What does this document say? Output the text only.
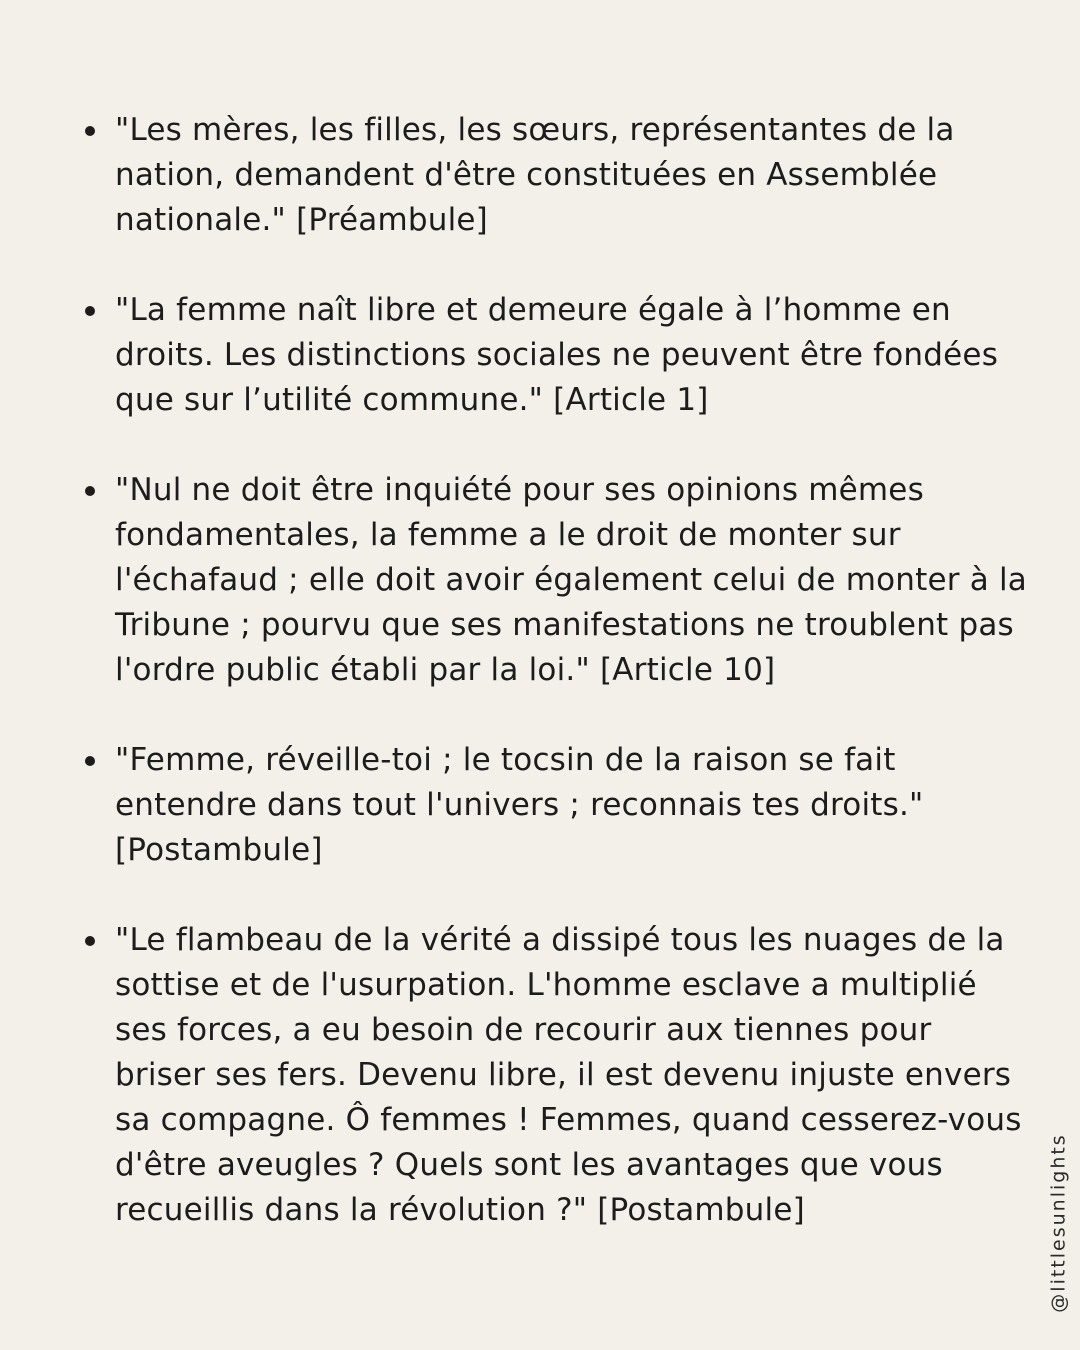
"Les mères, les filles, les sœurs, représentantes de la nation, demandent d'être constituées en Assemblée nationale." [Préambule]
"La femme naît libre et demeure égale à l’homme en droits. Les distinctions sociales ne peuvent être fondées que sur l’utilité commune." [Article 1]
"Nul ne doit être inquiété pour ses opinions mêmes fondamentales, la femme a le droit de monter sur l'échafaud ; elle doit avoir également celui de monter à la Tribune ; pourvu que ses manifestations ne troublent pas l'ordre public établi par la loi." [Article 10]
"Femme, réveille-toi ; le tocsin de la raison se fait entendre dans tout l'univers ; reconnais tes droits." [Postambule]
"Le flambeau de la vérité a dissipé tous les nuages de la sottise et de l'usurpation. L'homme esclave a multiplié ses forces, a eu besoin de recourir aux tiennes pour briser ses fers. Devenu libre, il est devenu injuste envers sa compagne. Ô femmes ! Femmes, quand cesserez-vous d'être aveugles ? Quels sont les avantages que vous recueillis dans la révolution ?" [Postambule]	@littlesunlights
